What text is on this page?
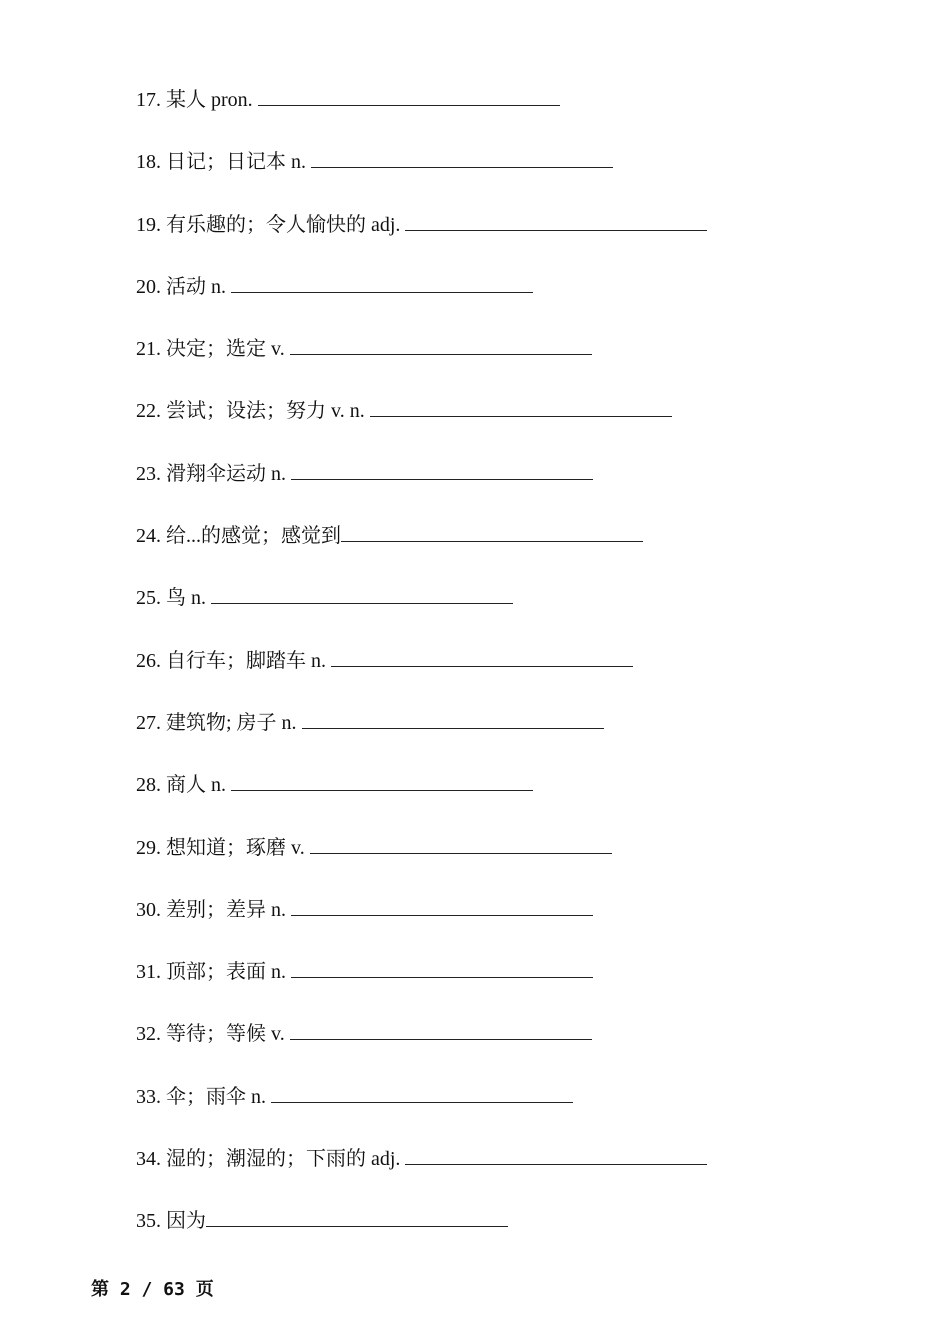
17. 某人 pron.
18. 日记；日记本 n.
19. 有乐趣的；令人愉快的 adj.
20. 活动 n.
21. 决定；选定 v.
22. 尝试；设法；努力 v. n.
23. 滑翔伞运动 n.
24. 给...的感觉；感觉到
25. 鸟 n.
26. 自行车；脚踏车 n.
27. 建筑物; 房子 n.
28. 商人 n.
29. 想知道；琢磨 v.
30. 差别；差异 n.
31. 顶部；表面 n.
32. 等待；等候 v.
33. 伞；雨伞 n.
34. 湿的；潮湿的；下雨的 adj.
35. 因为
第 2 / 63 页
